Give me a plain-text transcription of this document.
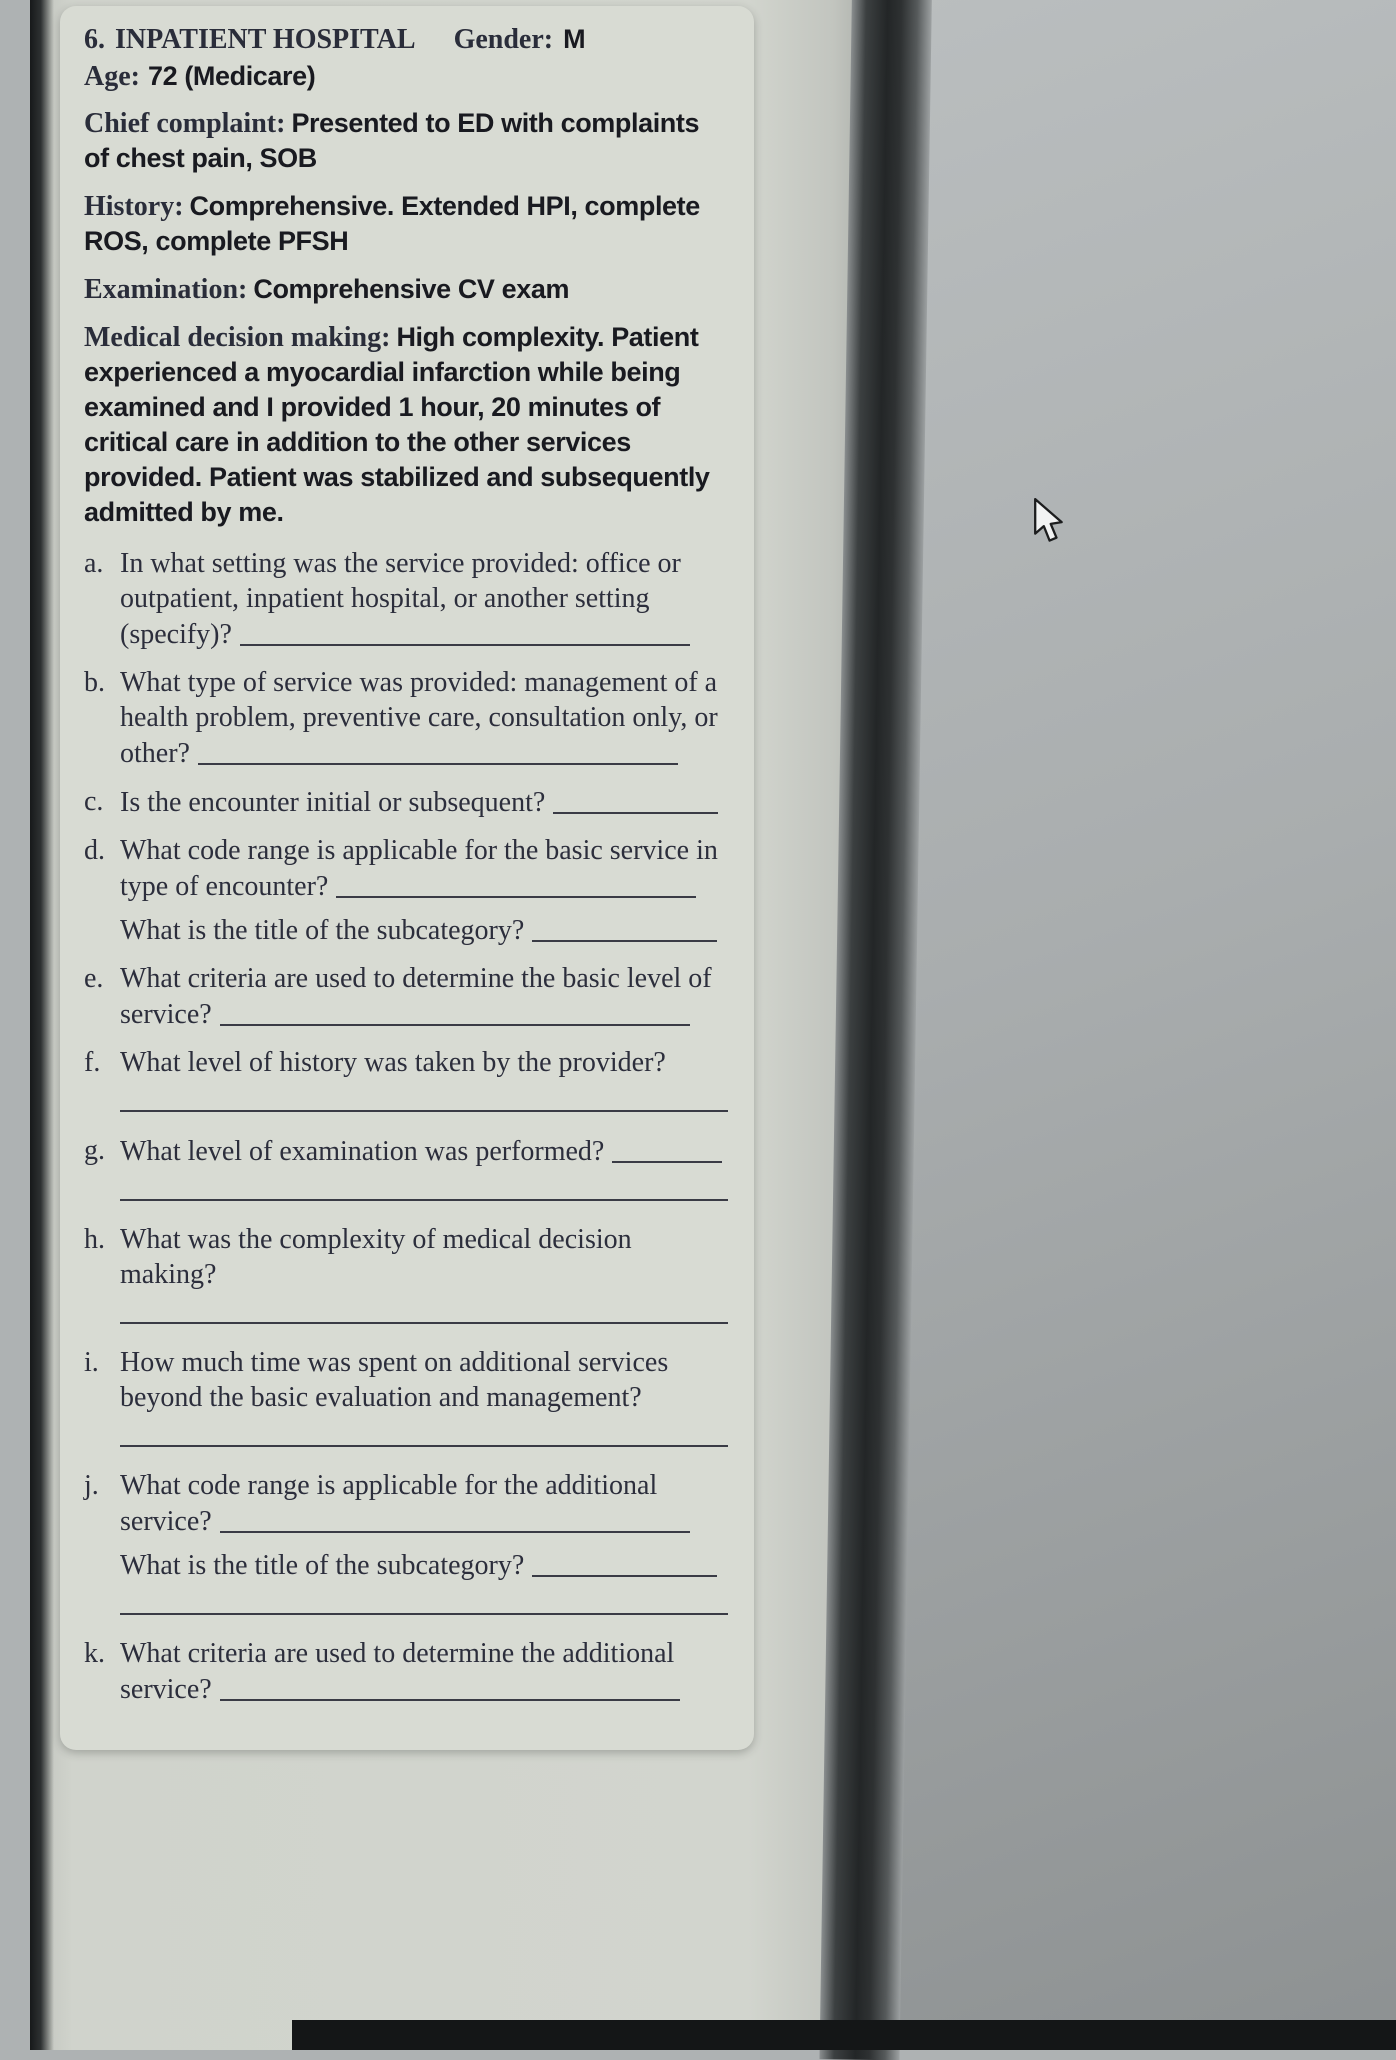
6. INPATIENT HOSPITAL Gender: M
Age: 72 (Medicare)

Chief complaint: Presented to ED with complaints of chest pain, SOB

History: Comprehensive. Extended HPI, complete ROS, complete PFSH

Examination: Comprehensive CV exam

Medical decision making: High complexity. Patient experienced a myocardial infarction while being examined and I provided 1 hour, 20 minutes of critical care in addition to the other services provided. Patient was stabilized and subsequently admitted by me.

a. In what setting was the service provided: office or outpatient, inpatient hospital, or another setting (specify)?
b. What type of service was provided: management of a health problem, preventive care, consultation only, or other?
c. Is the encounter initial or subsequent?
d. What code range is applicable for the basic service in type of encounter?
What is the title of the subcategory?
e. What criteria are used to determine the basic level of service?
f. What level of history was taken by the provider?
g. What level of examination was performed?
h. What was the complexity of medical decision making?
i. How much time was spent on additional services beyond the basic evaluation and management?
j. What code range is applicable for the additional service?
What is the title of the subcategory?
k. What criteria are used to determine the additional service?
